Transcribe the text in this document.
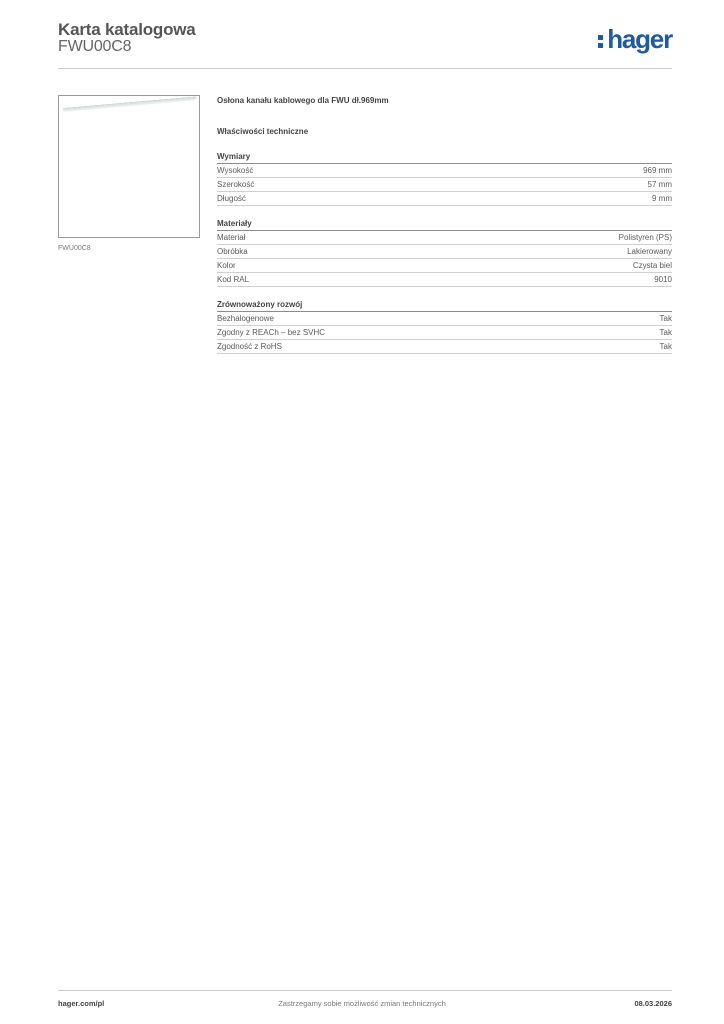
Karta katalogowa
FWU00C8	hager
FWU00C8
Osłona kanału kablowego dla FWU dł.969mm
Właściwości techniczne
Wymiary
Wysokość	969 mm
Szerokość	57 mm
Długość	9 mm
Materiały
Materiał	Polistyren (PS)
Obróbka	Lakierowany
Kolor	Czysta biel
Kod RAL	9010
Zrównoważony rozwój
Bezhalogenowe	Tak
Zgodny z REACh – bez SVHC	Tak
Zgodność z RoHS	Tak
hager.com/pl	Zastrzegamy sobie możliwość zmian technicznych	08.03.2026
